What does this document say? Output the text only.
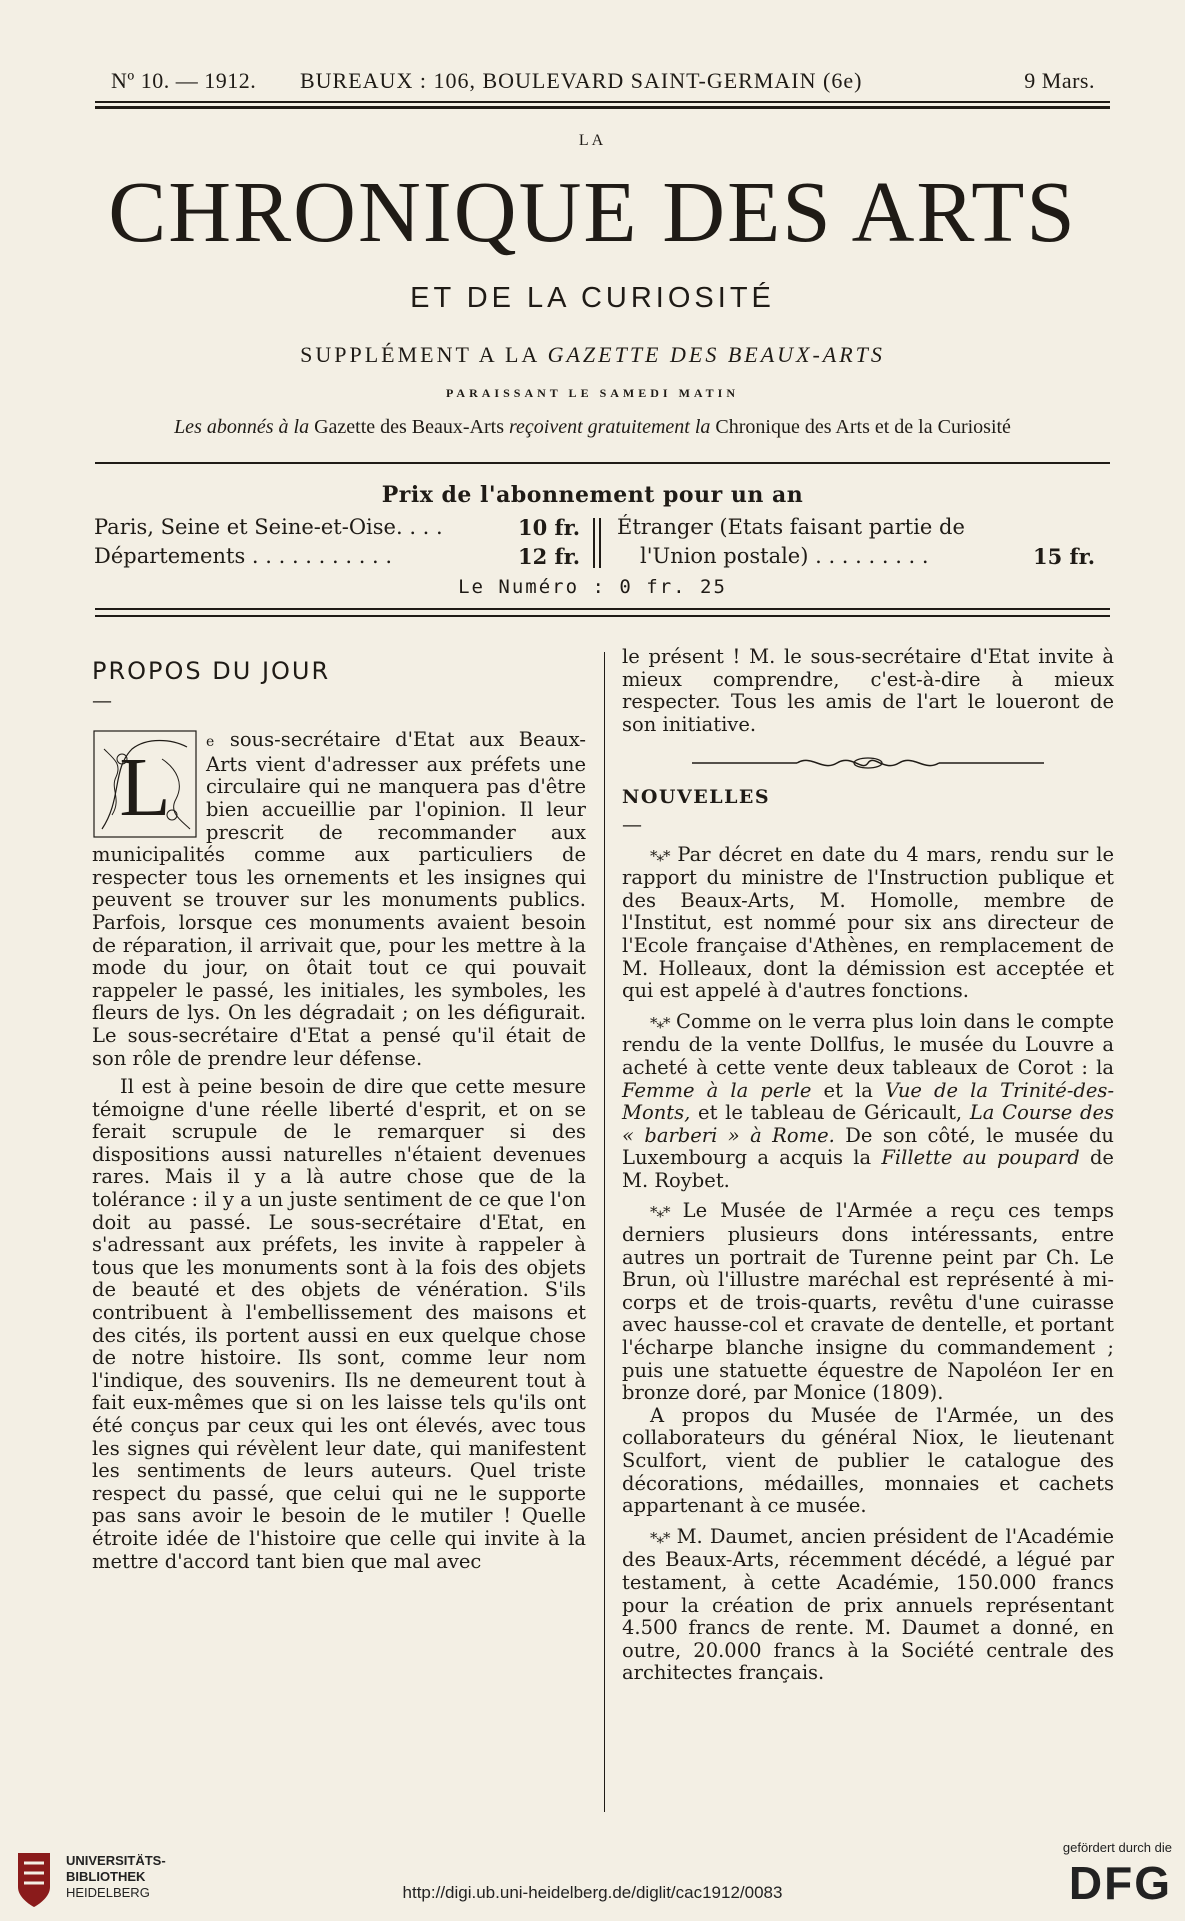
Nº 10. — 1912. BUREAUX : 106, BOULEVARD SAINT-GERMAIN (6e)	9 Mars.
LA
CHRONIQUE DES ARTS
ET DE LA CURIOSITÉ
SUPPLÉMENT A LA GAZETTE DES BEAUX-ARTS
PARAISSANT LE SAMEDI MATIN
Les abonnés à la Gazette des Beaux-Arts reçoivent gratuitement la Chronique des Arts et de la Curiosité
Prix de l'abonnement pour un an
Paris, Seine et Seine-et-Oise. . . .	10 fr.
Départements . . . . . . . . . . .	12 fr.
Étranger (Etats faisant partie de
l'Union postale) . . . . . . . . .	15 fr.
Le Numéro : 0 fr. 25

PROPOS DU JOUR

—

L	e sous-secrétaire d'Etat aux Beaux-Arts vient d'adresser aux préfets une circulaire qui ne manquera pas d'être bien accueillie par l'opinion. Il leur prescrit de recommander aux municipalités comme aux particuliers de respecter tous les ornements et les insignes qui peuvent se trouver sur les monuments publics. Parfois, lorsque ces monuments avaient besoin de réparation, il arrivait que, pour les mettre à la mode du jour, on ôtait tout ce qui pouvait rappeler le passé, les initiales, les symboles, les fleurs de lys. On les dégradait ; on les défigurait. Le sous-secrétaire d'Etat a pensé qu'il était de son rôle de prendre leur défense.

Il est à peine besoin de dire que cette mesure témoigne d'une réelle liberté d'esprit, et on se ferait scrupule de le remarquer si des dispositions aussi naturelles n'étaient devenues rares. Mais il y a là autre chose que de la tolérance : il y a un juste sentiment de ce que l'on doit au passé. Le sous-secrétaire d'Etat, en s'adressant aux préfets, les invite à rappeler à tous que les monuments sont à la fois des objets de beauté et des objets de vénération. S'ils contribuent à l'embellissement des maisons et des cités, ils portent aussi en eux quelque chose de notre histoire. Ils sont, comme leur nom l'indique, des souvenirs. Ils ne demeurent tout à fait eux-mêmes que si on les laisse tels qu'ils ont été conçus par ceux qui les ont élevés, avec tous les signes qui révèlent leur date, qui manifestent les sentiments de leurs auteurs. Quel triste respect du passé, que celui qui ne le supporte pas sans avoir le besoin de le mutiler ! Quelle étroite idée de l'histoire que celle qui invite à la mettre d'accord tant bien que mal avec

le présent ! M. le sous-secrétaire d'Etat invite à mieux comprendre, c'est-à-dire à mieux respecter. Tous les amis de l'art le loueront de son initiative.

NOUVELLES

—

*⁎* Par décret en date du 4 mars, rendu sur le rapport du ministre de l'Instruction publique et des Beaux-Arts, M. Homolle, membre de l'Institut, est nommé pour six ans directeur de l'Ecole française d'Athènes, en remplacement de M. Holleaux, dont la démission est acceptée et qui est appelé à d'autres fonctions.

*⁎* Comme on le verra plus loin dans le compte rendu de la vente Dollfus, le musée du Louvre a acheté à cette vente deux tableaux de Corot : la Femme à la perle et la Vue de la Trinité-des-Monts, et le tableau de Géricault, La Course des « barberi » à Rome. De son côté, le musée du Luxembourg a acquis la Fillette au poupard de M. Roybet.

*⁎* Le Musée de l'Armée a reçu ces temps derniers plusieurs dons intéressants, entre autres un portrait de Turenne peint par Ch. Le Brun, où l'illustre maréchal est représenté à mi-corps et de trois-quarts, revêtu d'une cuirasse avec hausse-col et cravate de dentelle, et portant l'écharpe blanche insigne du commandement ; puis une statuette équestre de Napoléon Ier en bronze doré, par Monice (1809).

A propos du Musée de l'Armée, un des collaborateurs du général Niox, le lieutenant Sculfort, vient de publier le catalogue des décorations, médailles, monnaies et cachets appartenant à ce musée.

*⁎* M. Daumet, ancien président de l'Académie des Beaux-Arts, récemment décédé, a légué par testament, à cette Académie, 150.000 francs pour la création de prix annuels représentant 4.500 francs de rente. M. Daumet a donné, en outre, 20.000 francs à la Société centrale des architectes français.

UNIVERSITÄTS-
BIBLIOTHEK
HEIDELBERG	http://digi.ub.uni-heidelberg.de/diglit/cac1912/0083
gefördert durch die
DFG
